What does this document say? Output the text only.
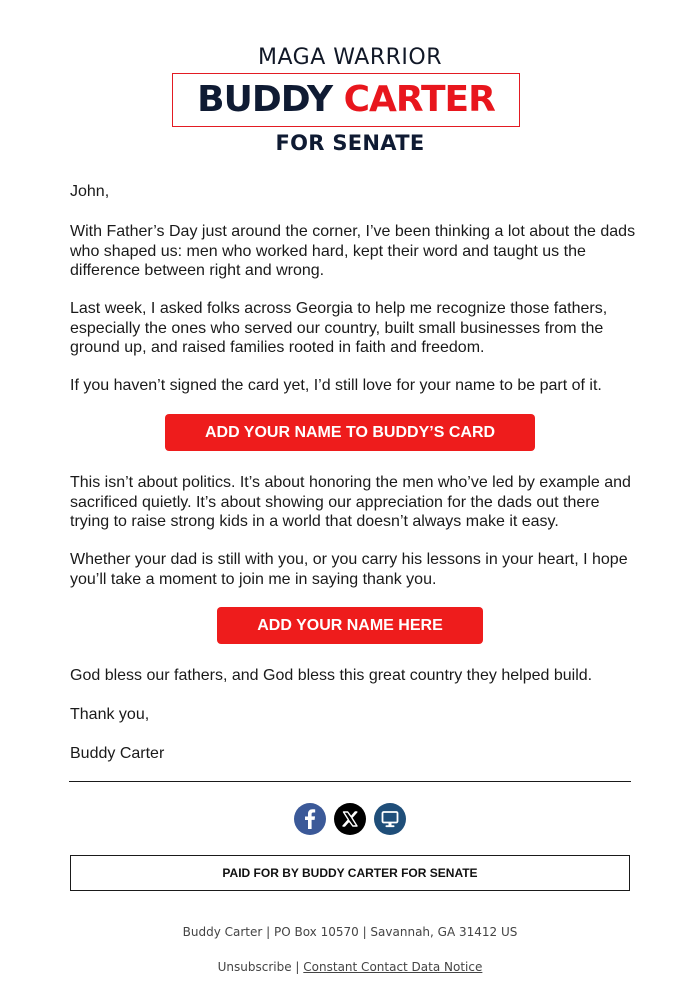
MAGA WARRIOR
BUDDY CARTER
FOR SENATE

John,

With Father’s Day just around the corner, I’ve been thinking a lot about the dads who shaped us: men who worked hard, kept their word and taught us the difference between right and wrong.

Last week, I asked folks across Georgia to help me recognize those fathers, especially the ones who served our country, built small businesses from the ground up, and raised families rooted in faith and freedom.

If you haven’t signed the card yet, I’d still love for your name to be part of it.

ADD YOUR NAME TO BUDDY’S CARD

This isn’t about politics. It’s about honoring the men who’ve led by example and sacrificed quietly. It’s about showing our appreciation for the dads out there trying to raise strong kids in a world that doesn’t always make it easy.

Whether your dad is still with you, or you carry his lessons in your heart, I hope you’ll take a moment to join me in saying thank you.

ADD YOUR NAME HERE

God bless our fathers, and God bless this great country they helped build.

Thank you,

Buddy Carter

PAID FOR BY BUDDY CARTER FOR SENATE
Buddy Carter | PO Box 10570 | Savannah, GA 31412 US
Unsubscribe | Constant Contact Data Notice
